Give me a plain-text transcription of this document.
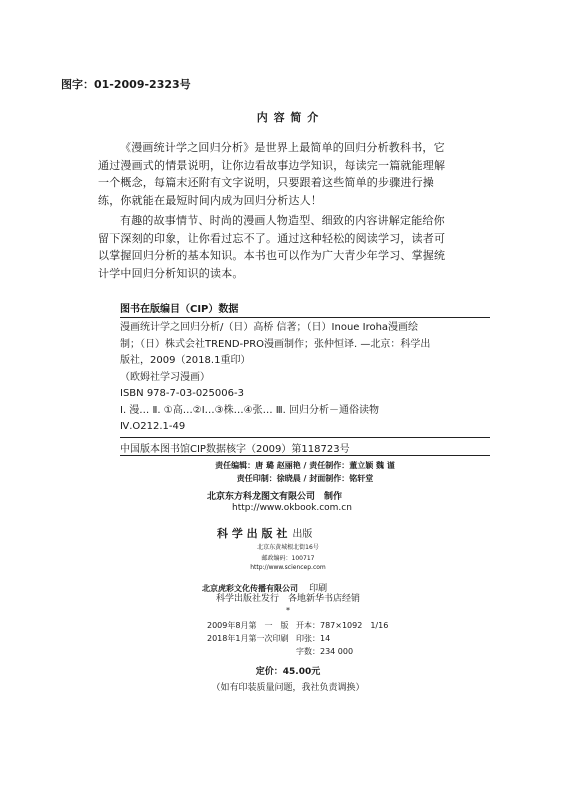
图字：01-2009-2323号
内 容 简 介
《漫画统计学之回归分析》是世界上最简单的回归分析教科书，它
通过漫画式的情景说明，让你边看故事边学知识，每读完一篇就能理解
一个概念，每篇末还附有文字说明，只要跟着这些简单的步骤进行操
练，你就能在最短时间内成为回归分析达人！
有趣的故事情节、时尚的漫画人物造型、细致的内容讲解定能给你
留下深刻的印象，让你看过忘不了。通过这种轻松的阅读学习，读者可
以掌握回归分析的基本知识。本书也可以作为广大青少年学习、掌握统
计学中回归分析知识的读本。
图书在版编目（CIP）数据
漫画统计学之回归分析/（日）高桥 信著；（日）Inoue Iroha漫画绘
制；（日）株式会社TREND-PRO漫画制作；张仲恒译. —北京：科学出
版社，2009（2018.1重印）
（欧姆社学习漫画）
ISBN 978-7-03-025006-3
Ⅰ. 漫… Ⅱ. ①高…②I…③株…④张… Ⅲ. 回归分析－通俗读物
Ⅳ.O212.1-49
中国版本图书馆CIP数据核字（2009）第118723号
责任编辑：唐 璐 赵丽艳 / 责任制作：董立颖 魏 谨
责任印制：徐晓晨 / 封面制作：铭轩堂
北京东方科龙图文有限公司　制作
http://www.okbook.com.cn
科 学 出 版 社 出版
北京东黄城根北街16号
邮政编码：100717
http://www.sciencep.com
北京虎彩文化传播有限公司 印刷
科学出版社发行　各地新华书店经销
*
2009年8月第　一　版 开本：787×1092　1/16
2018年1月第一次印刷 印张：14
字数：234 000
定价：45.00元
（如有印装质量问题，我社负责调换）
